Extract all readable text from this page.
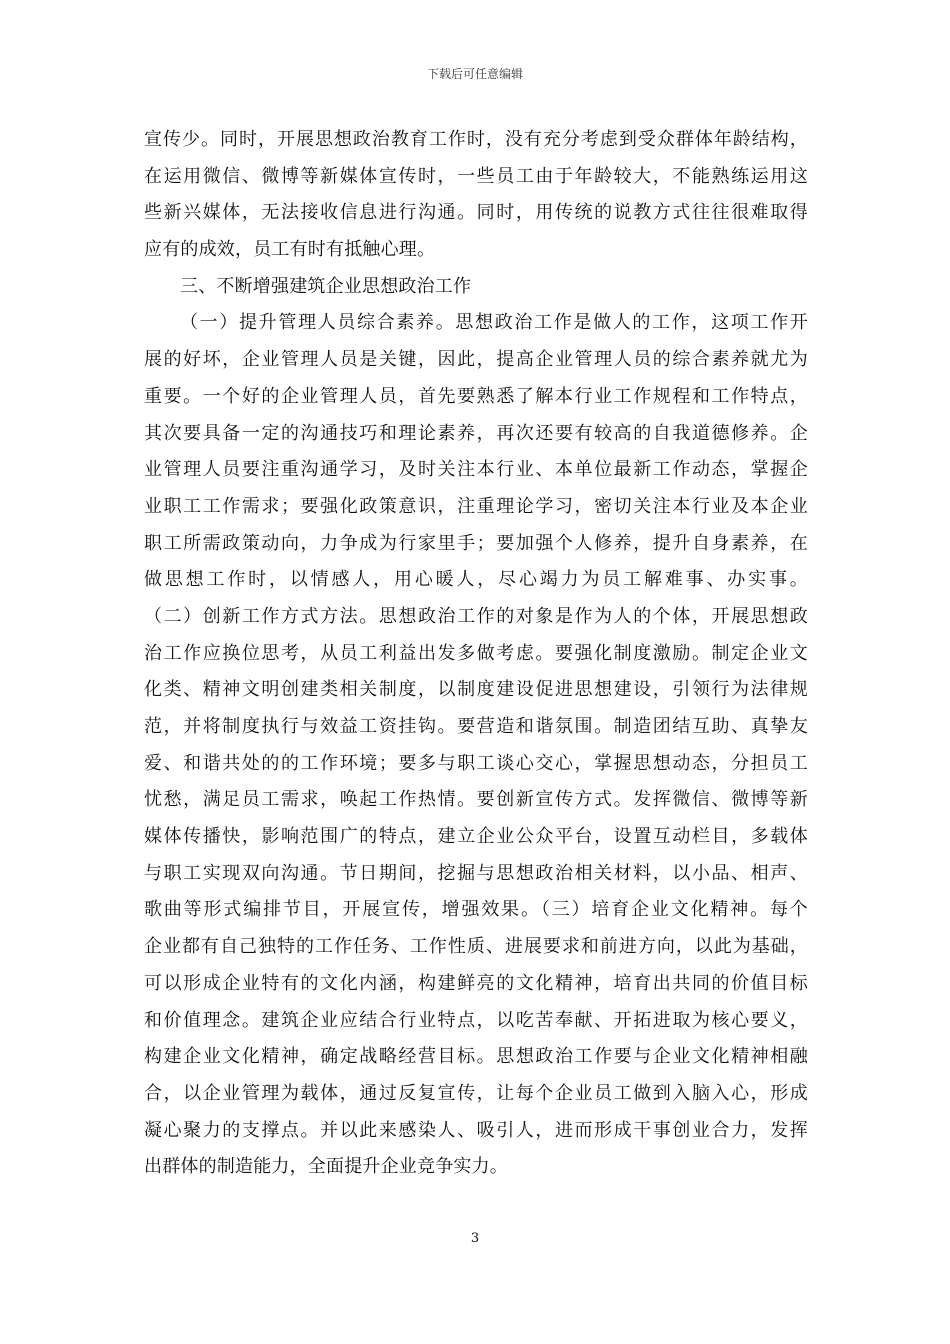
下载后可任意编辑
宣传少。同时，开展思想政治教育工作时，没有充分考虑到受众群体年龄结构，
在运用微信、微博等新媒体宣传时，一些员工由于年龄较大，不能熟练运用这
些新兴媒体，无法接收信息进行沟通。同时，用传统的说教方式往往很难取得
应有的成效，员工有时有抵触心理。
三、不断增强建筑企业思想政治工作
（一）提升管理人员综合素养。思想政治工作是做人的工作，这项工作开
展的好坏，企业管理人员是关键，因此，提高企业管理人员的综合素养就尤为
重要。一个好的企业管理人员，首先要熟悉了解本行业工作规程和工作特点，
其次要具备一定的沟通技巧和理论素养，再次还要有较高的自我道德修养。企
业管理人员要注重沟通学习，及时关注本行业、本单位最新工作动态，掌握企
业职工工作需求；要强化政策意识，注重理论学习，密切关注本行业及本企业
职工所需政策动向，力争成为行家里手；要加强个人修养，提升自身素养，在
做思想工作时，以情感人，用心暖人，尽心竭力为员工解难事、办实事。
（二）创新工作方式方法。思想政治工作的对象是作为人的个体，开展思想政
治工作应换位思考，从员工利益出发多做考虑。要强化制度激励。制定企业文
化类、精神文明创建类相关制度，以制度建设促进思想建设，引领行为法律规
范，并将制度执行与效益工资挂钩。要营造和谐氛围。制造团结互助、真挚友
爱、和谐共处的的工作环境；要多与职工谈心交心，掌握思想动态，分担员工
忧愁，满足员工需求，唤起工作热情。要创新宣传方式。发挥微信、微博等新
媒体传播快，影响范围广的特点，建立企业公众平台，设置互动栏目，多载体
与职工实现双向沟通。节日期间，挖掘与思想政治相关材料，以小品、相声、
歌曲等形式编排节目，开展宣传，增强效果。（三）培育企业文化精神。每个
企业都有自己独特的工作任务、工作性质、进展要求和前进方向，以此为基础，
可以形成企业特有的文化内涵，构建鲜亮的文化精神，培育出共同的价值目标
和价值理念。建筑企业应结合行业特点，以吃苦奉献、开拓进取为核心要义，
构建企业文化精神，确定战略经营目标。思想政治工作要与企业文化精神相融
合，以企业管理为载体，通过反复宣传，让每个企业员工做到入脑入心，形成
凝心聚力的支撑点。并以此来感染人、吸引人，进而形成干事创业合力，发挥
出群体的制造能力，全面提升企业竞争实力。
3
